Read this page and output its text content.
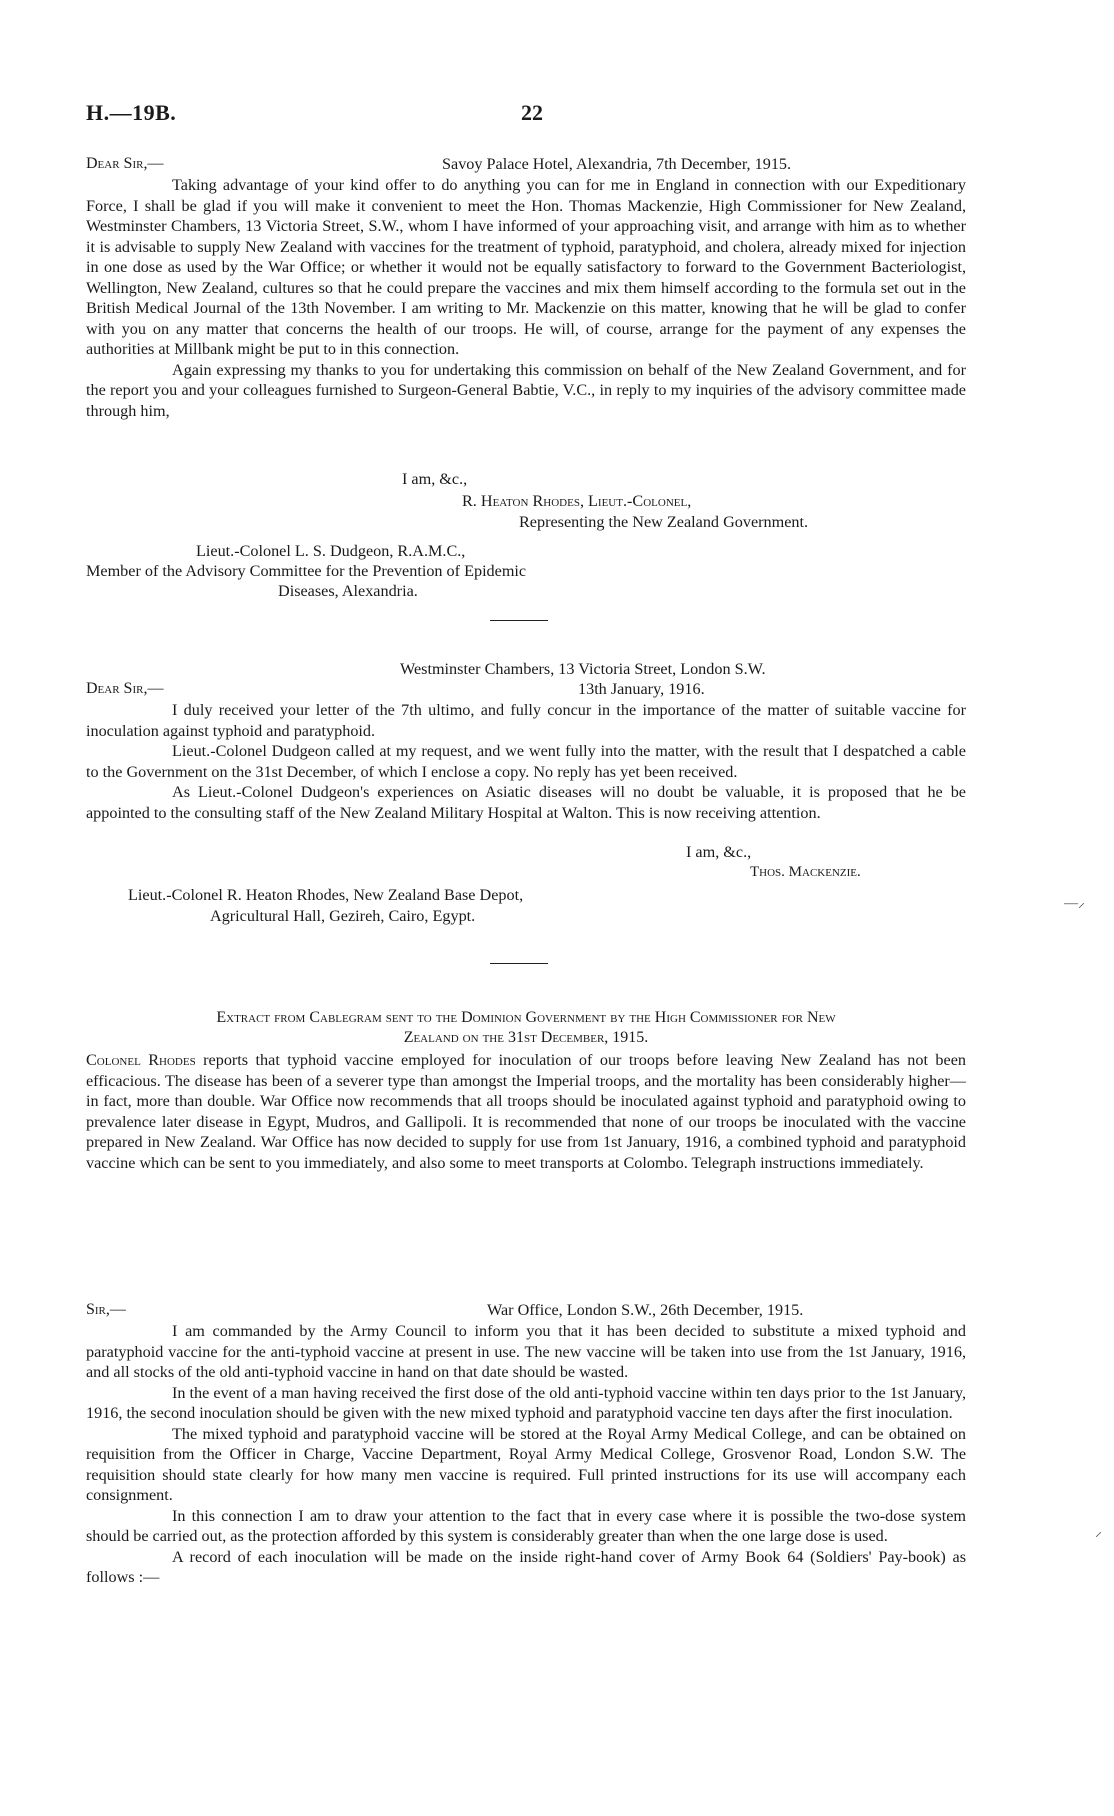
H.—19B.	22
Dear Sir,—	Savoy Palace Hotel, Alexandria, 7th December, 1915.

Taking advantage of your kind offer to do anything you can for me in England in connection with our Expeditionary Force, I shall be glad if you will make it convenient to meet the Hon. Thomas Mackenzie, High Commissioner for New Zealand, Westminster Chambers, 13 Victoria Street, S.W., whom I have informed of your approaching visit, and arrange with him as to whether it is advisable to supply New Zealand with vaccines for the treatment of typhoid, paratyphoid, and cholera, already mixed for injection in one dose as used by the War Office; or whether it would not be equally satisfactory to forward to the Government Bacteriologist, Wellington, New Zealand, cultures so that he could prepare the vaccines and mix them himself according to the formula set out in the British Medical Journal of the 13th November. I am writing to Mr. Mackenzie on this matter, knowing that he will be glad to confer with you on any matter that concerns the health of our troops. He will, of course, arrange for the payment of any expenses the authorities at Millbank might be put to in this connection.

Again expressing my thanks to you for undertaking this commission on behalf of the New Zealand Government, and for the report you and your colleagues furnished to Surgeon-General Babtie, V.C., in reply to my inquiries of the advisory committee made through him,

I am, &c.,
R. Heaton Rhodes, Lieut.-Colonel,
Representing the New Zealand Government.
Lieut.-Colonel L. S. Dudgeon, R.A.M.C.,
Member of the Advisory Committee for the Prevention of Epidemic
Diseases, Alexandria.
Westminster Chambers, 13 Victoria Street, London S.W.
Dear Sir,—	13th January, 1916.

I duly received your letter of the 7th ultimo, and fully concur in the importance of the matter of suitable vaccine for inoculation against typhoid and paratyphoid.

Lieut.-Colonel Dudgeon called at my request, and we went fully into the matter, with the result that I despatched a cable to the Government on the 31st December, of which I enclose a copy. No reply has yet been received.

As Lieut.-Colonel Dudgeon's experiences on Asiatic diseases will no doubt be valuable, it is proposed that he be appointed to the consulting staff of the New Zealand Military Hospital at Walton. This is now receiving attention.

I am, &c.,
Thos. Mackenzie.
Lieut.-Colonel R. Heaton Rhodes, New Zealand Base Depot,
Agricultural Hall, Gezireh, Cairo, Egypt.
Extract from Cablegram sent to the Dominion Government by the High Commissioner for New
Zealand on the 31st December, 1915.
Colonel Rhodes reports that typhoid vaccine employed for inoculation of our troops before leaving New Zealand has not been efficacious. The disease has been of a severer type than amongst the Imperial troops, and the mortality has been considerably higher—in fact, more than double. War Office now recommends that all troops should be inoculated against typhoid and paratyphoid owing to prevalence later disease in Egypt, Mudros, and Gallipoli. It is recommended that none of our troops be inoculated with the vaccine prepared in New Zealand. War Office has now decided to supply for use from 1st January, 1916, a combined typhoid and paratyphoid vaccine which can be sent to you immediately, and also some to meet transports at Colombo. Telegraph instructions immediately.
Sir,—	War Office, London S.W., 26th December, 1915.

I am commanded by the Army Council to inform you that it has been decided to substitute a mixed typhoid and paratyphoid vaccine for the anti-typhoid vaccine at present in use. The new vaccine will be taken into use from the 1st January, 1916, and all stocks of the old anti-typhoid vaccine in hand on that date should be wasted.

In the event of a man having received the first dose of the old anti-typhoid vaccine within ten days prior to the 1st January, 1916, the second inoculation should be given with the new mixed typhoid and paratyphoid vaccine ten days after the first inoculation.

The mixed typhoid and paratyphoid vaccine will be stored at the Royal Army Medical College, and can be obtained on requisition from the Officer in Charge, Vaccine Department, Royal Army Medical College, Grosvenor Road, London S.W. The requisition should state clearly for how many men vaccine is required. Full printed instructions for its use will accompany each consignment.

In this connection I am to draw your attention to the fact that in every case where it is possible the two-dose system should be carried out, as the protection afforded by this system is considerably greater than when the one large dose is used.

A record of each inoculation will be made on the inside right-hand cover of Army Book 64 (Soldiers' Pay-book) as follows :—

—⸝
⸝
